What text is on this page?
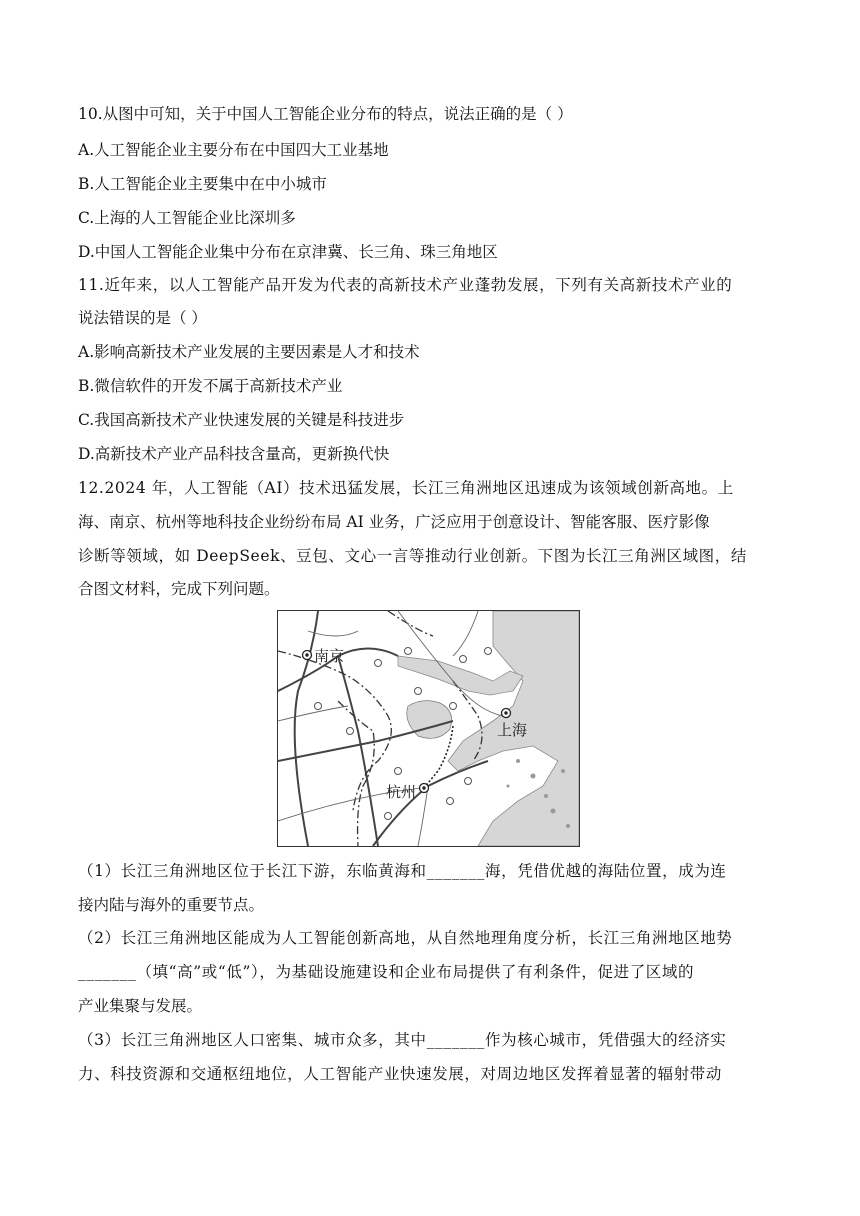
10.从图中可知，关于中国人工智能企业分布的特点，说法正确的是（ ）
A.人工智能企业主要分布在中国四大工业基地
B.人工智能企业主要集中在中小城市
C.上海的人工智能企业比深圳多
D.中国人工智能企业集中分布在京津冀、长三角、珠三角地区
11.近年来，以人工智能产品开发为代表的高新技术产业蓬勃发展，下列有关高新技术产业的
说法错误的是（ ）
A.影响高新技术产业发展的主要因素是人才和技术
B.微信软件的开发不属于高新技术产业
C.我国高新技术产业快速发展的关键是科技进步
D.高新技术产业产品科技含量高，更新换代快
12.2024 年，人工智能（AI）技术迅猛发展，长江三角洲地区迅速成为该领域创新高地。上
海、南京、杭州等地科技企业纷纷布局 AI 业务，广泛应用于创意设计、智能客服、医疗影像
诊断等领域，如 DeepSeek、豆包、文心一言等推动行业创新。下图为长江三角洲区域图，结
合图文材料，完成下列问题。
南京
上海
杭州
（1）长江三角洲地区位于长江下游，东临黄海和_______海，凭借优越的海陆位置，成为连
接内陆与海外的重要节点。
（2）长江三角洲地区能成为人工智能创新高地，从自然地理角度分析，长江三角洲地区地势
_______（填“高”或“低”），为基础设施建设和企业布局提供了有利条件，促进了区域的
产业集聚与发展。
（3）长江三角洲地区人口密集、城市众多，其中_______作为核心城市，凭借强大的经济实
力、科技资源和交通枢纽地位，人工智能产业快速发展，对周边地区发挥着显著的辐射带动
